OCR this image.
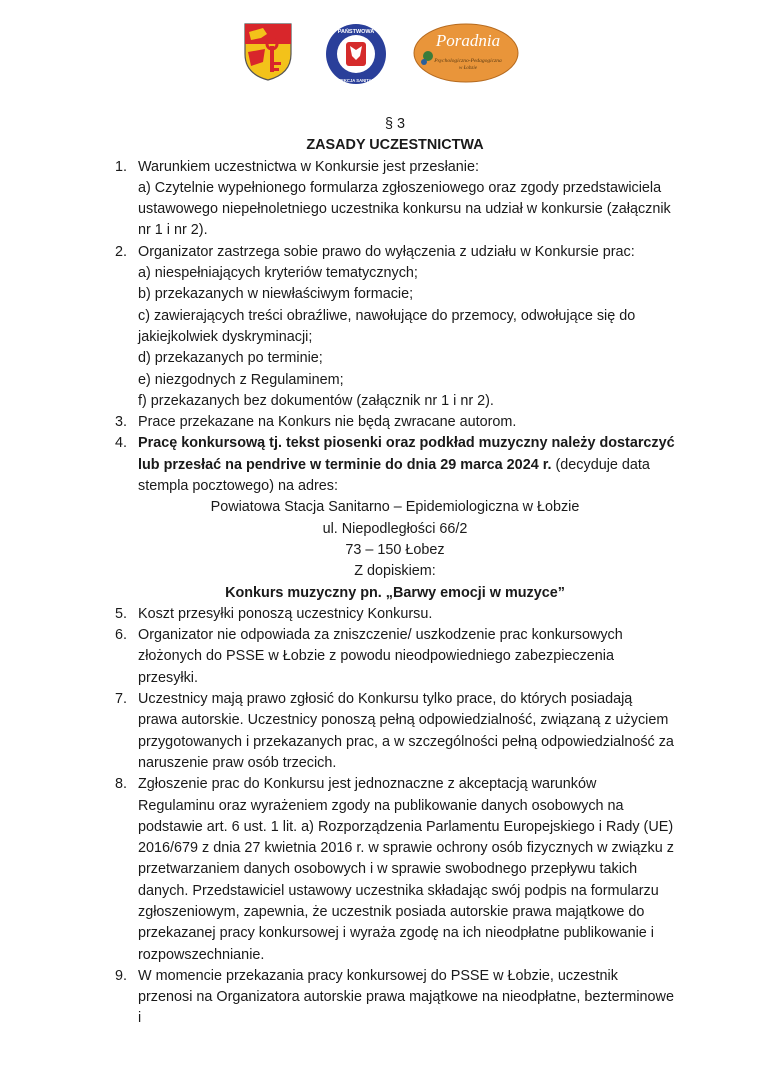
PAŃSTWOWA
INSPEKCJA SANITARNA
Poradnia
Psychologiczno-Pedagogiczna
w Łobzie
§ 3
ZASADY UCZESTNICTWA
1. Warunkiem uczestnictwa w Konkursie jest przesłanie:
a) Czytelnie wypełnionego formularza zgłoszeniowego oraz zgody przedstawiciela ustawowego niepełnoletniego uczestnika konkursu na udział w konkursie (załącznik nr 1 i nr 2).
2. Organizator zastrzega sobie prawo do wyłączenia z udziału w Konkursie prac:
a) niespełniających kryteriów tematycznych;
b) przekazanych w niewłaściwym formacie;
c) zawierających treści obraźliwe, nawołujące do przemocy, odwołujące się do jakiejkolwiek dyskryminacji;
d) przekazanych po terminie;
e) niezgodnych z Regulaminem;
f) przekazanych bez dokumentów (załącznik nr 1 i nr 2).
3. Prace przekazane na Konkurs nie będą zwracane autorom.
4. Pracę konkursową tj. tekst piosenki oraz podkład muzyczny należy dostarczyć lub przesłać na pendrive w terminie do dnia 29 marca 2024 r. (decyduje data stempla pocztowego) na adres:
Powiatowa Stacja Sanitarno – Epidemiologiczna w Łobzie
ul. Niepodległości 66/2
73 – 150 Łobez
Z dopiskiem:
Konkurs muzyczny pn. „Barwy emocji w muzyce”
5. Koszt przesyłki ponoszą uczestnicy Konkursu.
6. Organizator nie odpowiada za zniszczenie/ uszkodzenie prac konkursowych złożonych do PSSE w Łobzie z powodu nieodpowiedniego zabezpieczenia przesyłki.
7. Uczestnicy mają prawo zgłosić do Konkursu tylko prace, do których posiadają prawa autorskie. Uczestnicy ponoszą pełną odpowiedzialność, związaną z użyciem przygotowanych i przekazanych prac, a w szczególności pełną odpowiedzialność za naruszenie praw osób trzecich.
8. Zgłoszenie prac do Konkursu jest jednoznaczne z akceptacją warunków Regulaminu oraz wyrażeniem zgody na publikowanie danych osobowych na podstawie art. 6 ust. 1 lit. a) Rozporządzenia Parlamentu Europejskiego i Rady (UE) 2016/679 z dnia 27 kwietnia 2016 r. w sprawie ochrony osób fizycznych w związku z przetwarzaniem danych osobowych i w sprawie swobodnego przepływu takich danych. Przedstawiciel ustawowy uczestnika składając swój podpis na formularzu zgłoszeniowym, zapewnia, że uczestnik posiada autorskie prawa majątkowe do przekazanej pracy konkursowej i wyraża zgodę na ich nieodpłatne publikowanie i rozpowszechnianie.
9. W momencie przekazania pracy konkursowej do PSSE w Łobzie, uczestnik przenosi na Organizatora autorskie prawa majątkowe na nieodpłatne, bezterminowe i
